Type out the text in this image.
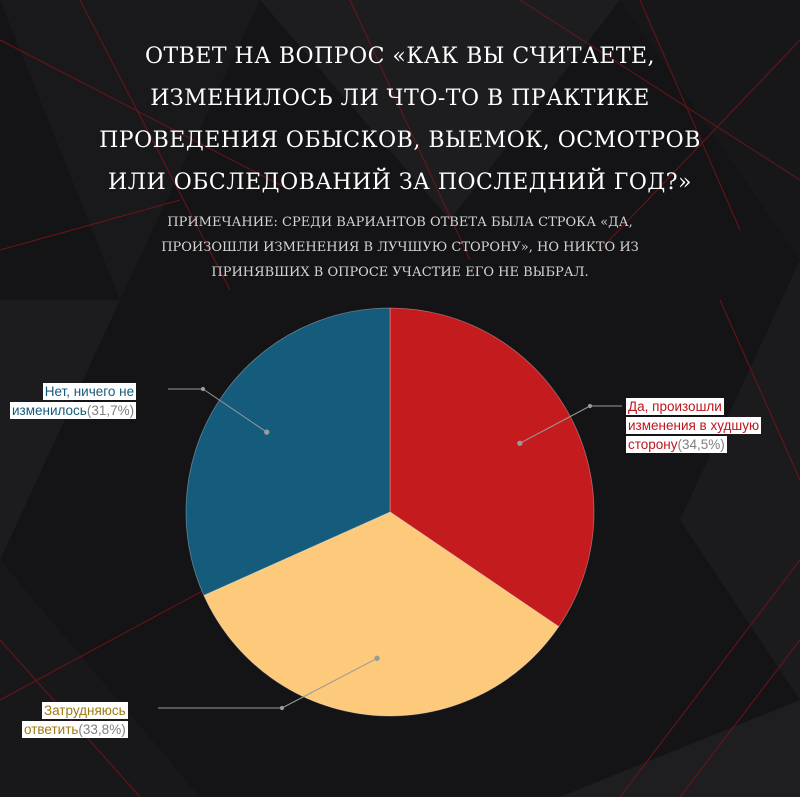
ОТВЕТ НА ВОПРОС «КАК ВЫ СЧИТАЕТЕ,
ИЗМЕНИЛОСЬ ЛИ ЧТО-ТО В ПРАКТИКЕ
ПРОВЕДЕНИЯ ОБЫСКОВ, ВЫЕМОК, ОСМОТРОВ
ИЛИ ОБСЛЕДОВАНИЙ ЗА ПОСЛЕДНИЙ ГОД?»
ПРИМЕЧАНИЕ: СРЕДИ ВАРИАНТОВ ОТВЕТА БЫЛА СТРОКА «ДА,
ПРОИЗОШЛИ ИЗМЕНЕНИЯ В ЛУЧШУЮ СТОРОНУ», НО НИКТО ИЗ
ПРИНЯВШИХ В ОПРОСЕ УЧАСТИЕ ЕГО НЕ ВЫБРАЛ.
Да, произошли
изменения в худшую
сторону(34,5%)
Нет, ничего не
изменилось(31,7%)
Затрудняюсь
ответить(33,8%)
